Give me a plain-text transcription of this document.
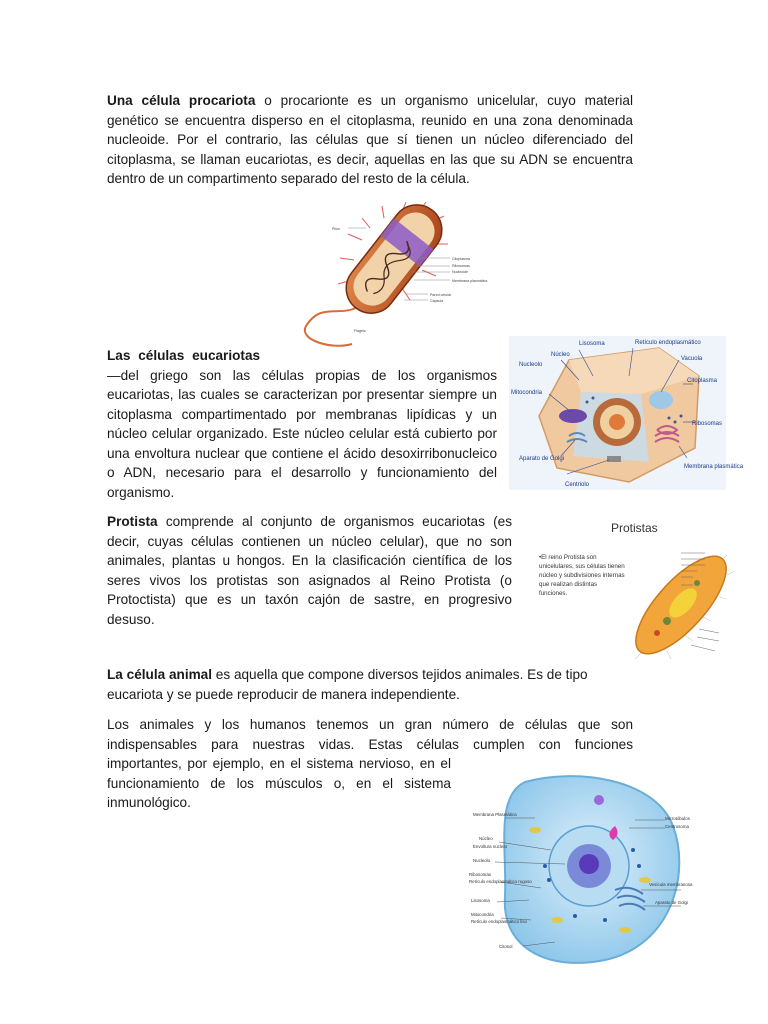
Una célula procariota o procarionte es un organismo unicelular, cuyo material genético se encuentra disperso en el citoplasma, reunido en una zona denominada nucleoide. Por el contrario, las células que sí tienen un núcleo diferenciado del citoplasma, se llaman eucariotas, es decir, aquellas en las que su ADN se encuentra dentro de un compartimento separado del resto de la célula.
Pilus
Citoplasma
Ribosomas
Nucleoide
Membrana plasmática
Pared celular
Cápsula
Flagelo
Las células eucariotas
—del griego son las células propias de los organismos eucariotas, las cuales se caracterizan por presentar siempre un citoplasma compartimentado por membranas lipídicas y un núcleo celular organizado. Este núcleo celular está cubierto por una envoltura nuclear que contiene el ácido desoxirribonucleico o ADN, necesario para el desarrollo y funcionamiento del organismo.
Lisosoma	Retículo endoplasmático
Núcleo
Vacuola
Nucleolo
Citoplasma
Mitocondria
Ribosomas
Aparato de Golgi
Membrana plasmática
Centriolo
Protista comprende al conjunto de organismos eucariotas (es decir, cuyas células contienen un núcleo celular), que no son animales, plantas u hongos. En la clasificación científica de los seres vivos los protistas son asignados al Reino Protista (o Protoctista) que es un taxón cajón de sastre, en progresivo desuso.
Protistas
•El reino Protista son unicelulares, sus células tienen núcleo y subdivisiones internas que realizan distintas funciones.
La célula animal es aquella que compone diversos tejidos animales. Es de tipo eucariota y se puede reproducir de manera independiente.
Los animales y los humanos tenemos un gran número de células que son indispensables para nuestras vidas. Estas células cumplen con funciones
importantes, por ejemplo, en el sistema nervioso, en el funcionamiento de los músculos o, en el sistema inmunológico.
Membrana Plasmática
Núcleo
Envoltura nuclear
Nucleolo
Ribosomas
Retículo endoplasmático rugoso
Lisosoma
Mitocondria
Retículo endoplasmático liso
Citosol
Microtúbulos
Centrosoma
Vesícula membranosa
Aparato de Golgi
